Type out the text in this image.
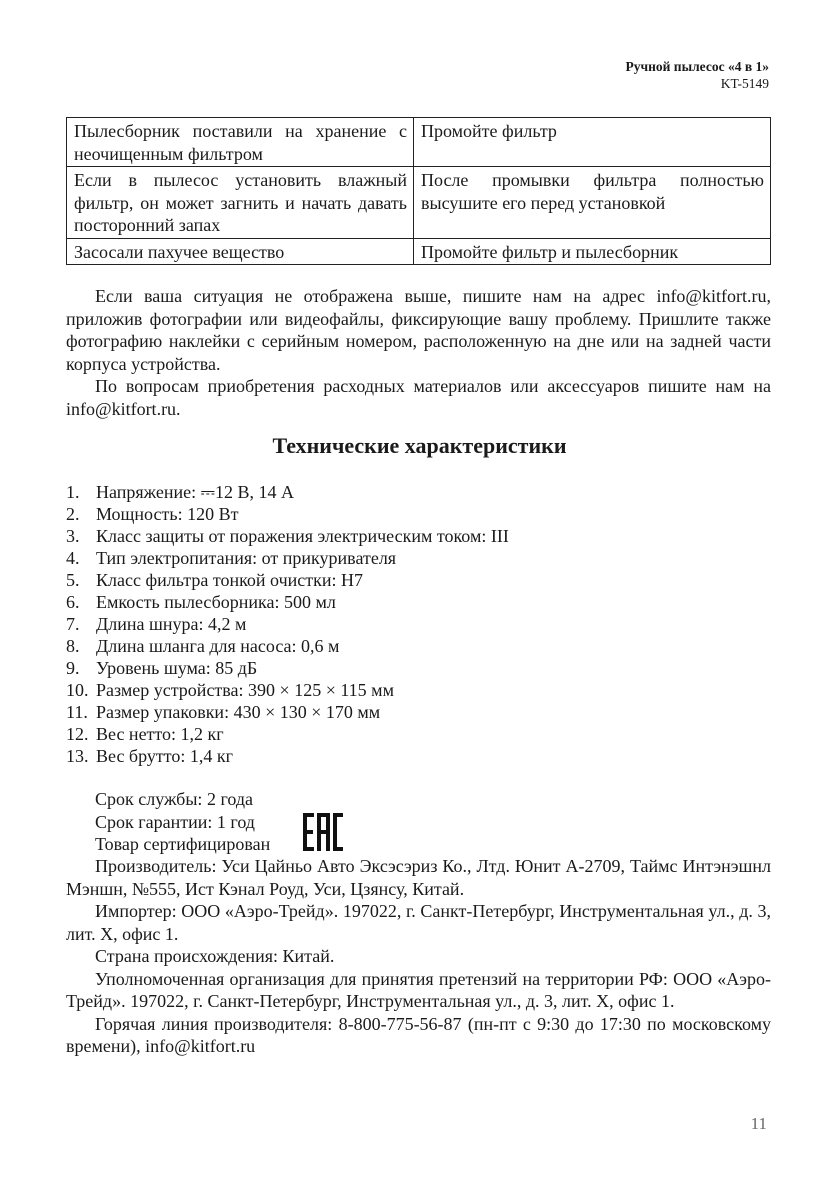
Ручной пылесос «4 в 1»
KT-5149
Пылесборник поставили на хранение с неочищенным фильтром	Промойте фильтр
Если в пылесос установить влажный фильтр, он может загнить и начать давать посторонний запах	После промывки фильтра полностью высушите его перед установкой
Засосали пахучее вещество	Промойте фильтр и пылесборник

Если ваша ситуация не отображена выше, пишите нам на адрес info@kitfort.ru, приложив фотографии или видеофайлы, фиксирующие вашу проблему. Пришлите также фотографию наклейки с серийным номером, расположенную на дне или на задней части корпуса устройства.

По вопросам приобретения расходных материалов или аксессуаров пишите нам на info@kitfort.ru.

Технические характеристики
1. Напряжение: ⎓12 В, 14 А
2. Мощность: 120 Вт
3. Класс защиты от поражения электрическим током: III
4. Тип электропитания: от прикуривателя
5. Класс фильтра тонкой очистки: H7
6. Емкость пылесборника: 500 мл
7. Длина шнура: 4,2 м
8. Длина шланга для насоса: 0,6 м
9. Уровень шума: 85 дБ
10. Размер устройства: 390 × 125 × 115 мм
11. Размер упаковки: 430 × 130 × 170 мм
12. Вес нетто: 1,2 кг
13. Вес брутто: 1,4 кг
Срок службы: 2 года
Срок гарантии: 1 год
Товар сертифицирован

Производитель: Уси Цайньо Авто Эксэсэриз Ко., Лтд. Юнит A-2709, Таймс Интэнэшнл Мэншн, №555, Ист Кэнал Роуд, Уси, Цзянсу, Китай.

Импортер: ООО «Аэро-Трейд». 197022, г. Санкт-Петербург, Инструментальная ул., д. 3, лит. Х, офис 1.

Страна происхождения: Китай.

Уполномоченная организация для принятия претензий на территории РФ: ООО «Аэро-Трейд». 197022, г. Санкт-Петербург, Инструментальная ул., д. 3, лит. Х, офис 1.

Горячая линия производителя: 8-800-775-56-87 (пн-пт с 9:30 до 17:30 по московскому времени), info@kitfort.ru

11
